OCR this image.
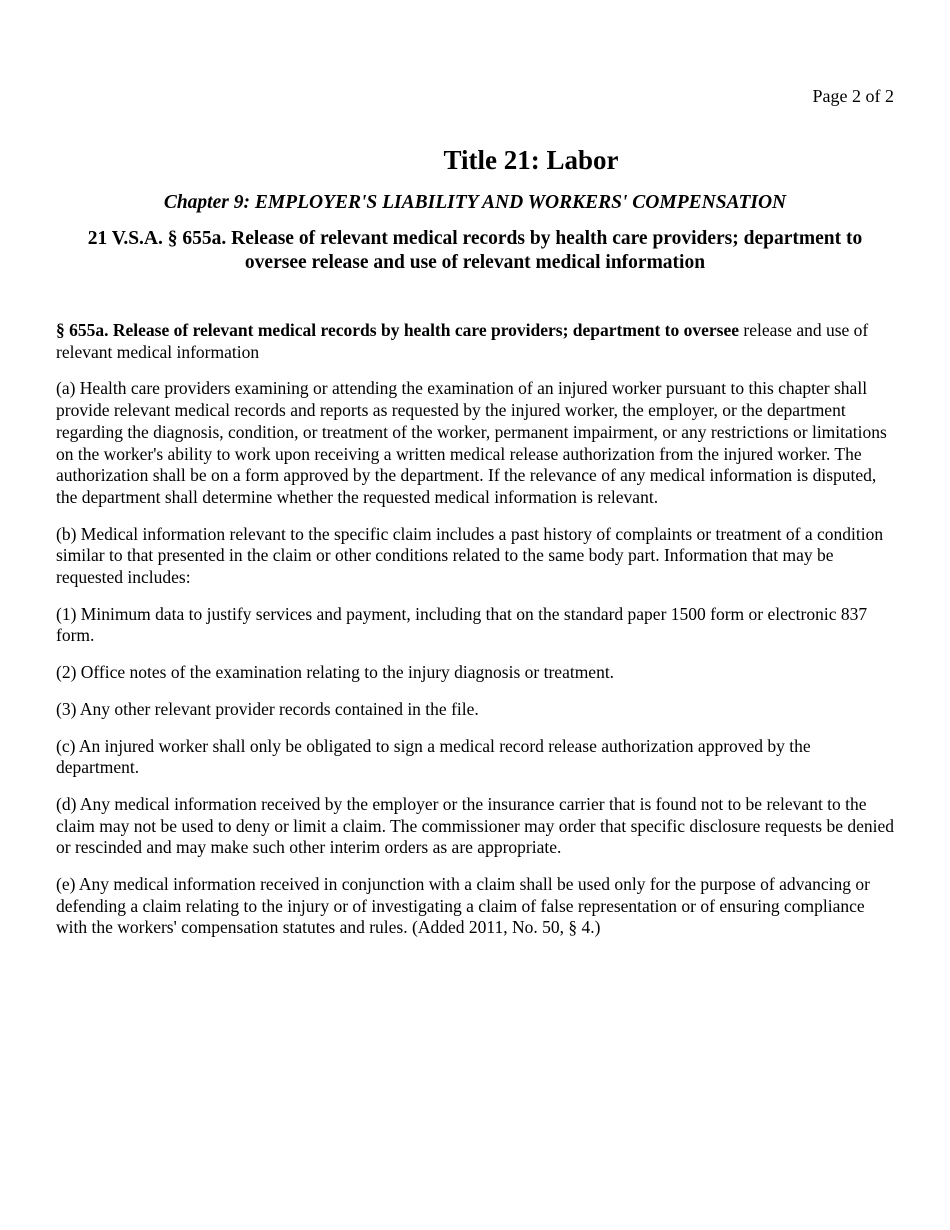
Page 2 of 2
Title 21: Labor
Chapter 9: EMPLOYER'S LIABILITY AND WORKERS' COMPENSATION
21 V.S.A. § 655a. Release of relevant medical records by health care providers; department to oversee release and use of relevant medical information

§ 655a. Release of relevant medical records by health care providers; department to oversee release and use of relevant medical information

(a) Health care providers examining or attending the examination of an injured worker pursuant to this chapter shall provide relevant medical records and reports as requested by the injured worker, the employer, or the department regarding the diagnosis, condition, or treatment of the worker, permanent impairment, or any restrictions or limitations on the worker's ability to work upon receiving a written medical release authorization from the injured worker. The authorization shall be on a form approved by the department. If the relevance of any medical information is disputed, the department shall determine whether the requested medical information is relevant.

(b) Medical information relevant to the specific claim includes a past history of complaints or treatment of a condition similar to that presented in the claim or other conditions related to the same body part. Information that may be requested includes:

(1) Minimum data to justify services and payment, including that on the standard paper 1500 form or electronic 837 form.

(2) Office notes of the examination relating to the injury diagnosis or treatment.

(3) Any other relevant provider records contained in the file.

(c) An injured worker shall only be obligated to sign a medical record release authorization approved by the department.

(d) Any medical information received by the employer or the insurance carrier that is found not to be relevant to the claim may not be used to deny or limit a claim. The commissioner may order that specific disclosure requests be denied or rescinded and may make such other interim orders as are appropriate.

(e) Any medical information received in conjunction with a claim shall be used only for the purpose of advancing or defending a claim relating to the injury or of investigating a claim of false representation or of ensuring compliance with the workers' compensation statutes and rules. (Added 2011, No. 50, § 4.)
